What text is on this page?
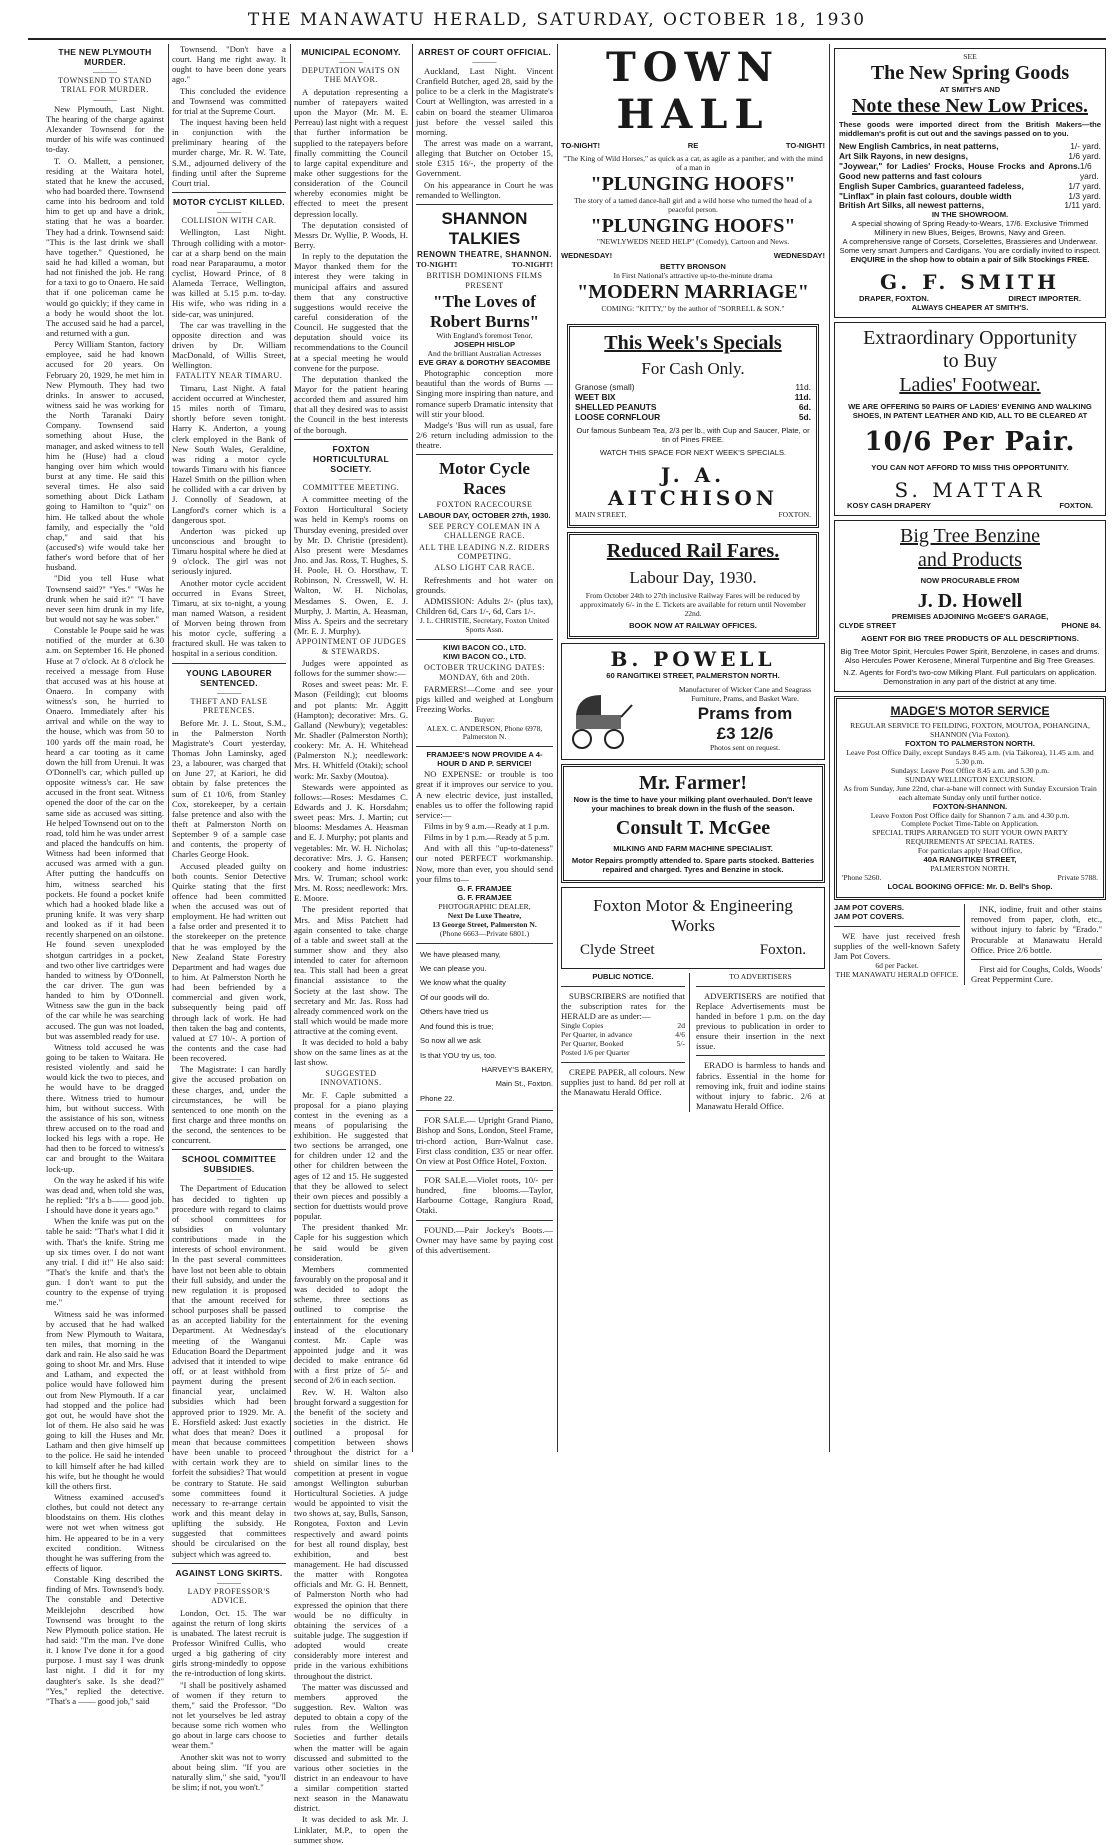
THE MANAWATU HERALD, SATURDAY, OCTOBER 18, 1930
THE NEW PLYMOUTH MURDER.
———
TOWNSEND TO STAND TRIAL FOR MURDER.
———

New Plymouth, Last Night. The hearing of the charge against Alexander Townsend for the murder of his wife was continued to-day.

T. O. Mallett, a pensioner, residing at the Waitara hotel, stated that he knew the accused, who had boarded there. Townsend came into his bedroom and told him to get up and have a drink, stating that he was a boarder. They had a drink. Townsend said: "This is the last drink we shall have together." Questioned, he said he had killed a woman, but had not finished the job. He rang for a taxi to go to Onaero. He said that if one policeman came he would go quickly; if they came in a body he would shoot the lot. The accused said he had a parcel, and returned with a gun.

Percy William Stanton, factory employee, said he had known accused for 20 years. On February 20, 1929, he met him in New Plymouth. They had two drinks. In answer to accused, witness said he was working for the North Taranaki Dairy Company. Townsend said something about Huse, the manager, and asked witness to tell him he (Huse) had a cloud hanging over him which would burst at any time. He said this several times. He also said something about Dick Latham going to Hamilton to "quiz" on him. He talked about the whole family, and especially the "old chap," and said that his (accused's) wife would take her father's word before that of her husband.

"Did you tell Huse what Townsend said?" "Yes." "Was he drunk when he said it?" "I have never seen him drunk in my life, but would not say he was sober."

Constable le Poupe said he was notified of the murder at 6.30 a.m. on September 16. He phoned Huse at 7 o'clock. At 8 o'clock he received a message from Huse that accused was at his house at Onaero. In company with witness's son, he hurried to Onaero. Immediately after his arrival and while on the way to the house, which was from 50 to 100 yards off the main road, he heard a car tooting as it came down the hill from Urenui. It was O'Donnell's car, which pulled up opposite witness's car. He saw accused in the front seat. Witness opened the door of the car on the same side as accused was sitting. He helped Townsend out on to the road, told him he was under arrest and placed the handcuffs on him. Witness had been informed that accused was armed with a gun. After putting the handcuffs on him, witness searched his pockets. He found a pocket knife which had a hooked blade like a pruning knife. It was very sharp and looked as if it had been recently sharpened on an oilstone. He found seven unexploded shotgun cartridges in a pocket, and two other live cartridges were handed to witness by O'Donnell, the car driver. The gun was handed to him by O'Donnell. Witness saw the gun in the back of the car while he was searching accused. The gun was not loaded, but was assembled ready for use.

Witness told accused he was going to be taken to Waitara. He resisted violently and said he would kick the two to pieces, and he would have to be dragged there. Witness tried to humour him, but without success. With the assistance of his son, witness threw accused on to the road and locked his legs with a rope. He had then to be forced to witness's car and brought to the Waitara lock-up.

On the way he asked if his wife was dead and, when told she was, he replied: "It's a b—— good job. I should have done it years ago."

When the knife was put on the table he said: "That's what I did it with. That's the knife. String me up six times over. I do not want any trial. I did it!" He also said: "That's the knife and that's the gun. I don't want to put the country to the expense of trying me."

Witness said he was informed by accused that he had walked from New Plymouth to Waitara, ten miles, that morning in the dark and rain. He also said he was going to shoot Mr. and Mrs. Huse and Latham, and expected the police would have followed him out from New Plymouth. If a car had stopped and the police had got out, he would have shot the lot of them. He also said he was going to kill the Huses and Mr. Latham and then give himself up to the police. He said he intended to kill himself after he had killed his wife, but he thought he would kill the others first.

Witness examined accused's clothes, but could not detect any bloodstains on them. His clothes were not wet when witness got him. He appeared to be in a very excited condition. Witness thought he was suffering from the effects of liquor.

Constable King described the finding of Mrs. Townsend's body. The constable and Detective Meiklejohn described how Townsend was brought to the New Plymouth police station. He had said: "I'm the man. I've done it. I know I've done it for a good purpose. I must say I was drunk last night. I did it for my daughter's sake. Is she dead?" "Yes," replied the detective. "That's a —— good job," said

Townsend. "Don't have a court. Hang me right away. It ought to have been done years ago."

This concluded the evidence and Townsend was committed for trial at the Supreme Court.

The inquest having been held in conjunction with the preliminary hearing of the murder charge, Mr. R. W. Tate, S.M., adjourned delivery of the finding until after the Supreme Court trial.

MOTOR CYCLIST KILLED.
———
COLLISION WITH CAR.

Wellington, Last Night. Through colliding with a motor-car at a sharp bend on the main road near Paraparaumu, a motor cyclist, Howard Prince, of 8 Alameda Terrace, Wellington, was killed at 5.15 p.m. to-day. His wife, who was riding in a side-car, was uninjured.

The car was travelling in the opposite direction and was driven by Dr. William MacDonald, of Willis Street, Wellington.

FATALITY NEAR TIMARU.

Timaru, Last Night. A fatal accident occurred at Winchester, 15 miles north of Timaru, shortly before seven tonight. Harry K. Anderton, a young clerk employed in the Bank of New South Wales, Geraldine, was riding a motor cycle towards Timaru with his fiancee Hazel Smith on the pillion when he collided with a car driven by J. Connolly of Seadown, at Langford's corner which is a dangerous spot.

Anderton was picked up unconscious and brought to Timaru hospital where he died at 9 o'clock. The girl was not seriously injured.

Another motor cycle accident occurred in Evans Street, Timaru, at six to-night, a young man named Watson, a resident of Morven being thrown from his motor cycle, suffering a fractured skull. He was taken to hospital in a serious condition.

YOUNG LABOURER SENTENCED.
———
THEFT AND FALSE PRETENCES.

Before Mr. J. L. Stout, S.M., in the Palmerston North Magistrate's Court yesterday, Thomas John Laminsky, aged 23, a labourer, was charged that on June 27, at Kariori, he did obtain by false pretences the sum of £1 10/6, from Stanley Cox, storekeeper, by a certain false pretence and also with the theft at Palmerston North on September 9 of a sample case and contents, the property of Charles George Hook.

Accused pleaded guilty on both counts. Senior Detective Quirke stating that the first offence had been committed when the accused was out of employment. He had written out a false order and presented it to the storekeeper on the pretence that he was employed by the New Zealand State Forestry Department and had wages due to him. At Palmerston North he had been befriended by a commercial and given work, subsequently being paid off through lack of work. He had then taken the bag and contents, valued at £7 10/-. A portion of the contents and the case had been recovered.

The Magistrate: I can hardly give the accused probation on these charges, and, under the circumstances, he will be sentenced to one month on the first charge and three months on the second, the sentences to be concurrent.

SCHOOL COMMITTEE SUBSIDIES.
———

The Department of Education has decided to tighten up procedure with regard to claims of school committees for subsidies on voluntary contributions made in the interests of school environment. In the past several committees have lost not been able to obtain their full subsidy, and under the new regulation it is proposed that the amount received for school purposes shall be passed as an accepted liability for the Department. At Wednesday's meeting of the Wanganui Education Board the Department advised that it intended to wipe off, or at least withhold from payment during the present financial year, unclaimed subsidies which had been approved prior to 1929. Mr. A. E. Horsfield asked: Just exactly what does that mean? Does it mean that because committees have been unable to proceed with certain work they are to forfeit the subsidies? That would be contrary to Statute. He said some committees found it necessary to re-arrange certain work and this meant delay in uplifting the subsidy. He suggested that committees should be circularised on the subject which was agreed to.

AGAINST LONG SKIRTS.
———
LADY PROFESSOR'S ADVICE.

London, Oct. 15. The war against the return of long skirts is unabated. The latest recruit is Professor Winifred Cullis, who urged a big gathering of city girls strong-mindedly to oppose the re-introduction of long skirts.

"I shall be positively ashamed of women if they return to them," said the Professor. "Do not let yourselves be led astray because some rich women who go about in large cars choose to wear them."

Another skit was not to worry about being slim. "If you are naturally slim," she said, "you'll be slim; if not, you won't."

MUNICIPAL ECONOMY.
———
DEPUTATION WAITS ON THE MAYOR.

A deputation representing a number of ratepayers waited upon the Mayor (Mr. M. E. Perreau) last night with a request that further information be supplied to the ratepayers before finally committing the Council to large capital expenditure and make other suggestions for the consideration of the Council whereby economies might be effected to meet the present depression locally.

The deputation consisted of Messrs Dr. Wyllie, P. Woods, H. Berry.

In reply to the deputation the Mayor thanked them for the interest they were taking in municipal affairs and assured them that any constructive suggestions would receive the careful consideration of the Council. He suggested that the deputation should voice its recommendations to the Council at a special meeting he would convene for the purpose.

The deputation thanked the Mayor for the patient hearing accorded them and assured him that all they desired was to assist the Council in the best interests of the borough.

FOXTON HORTICULTURAL SOCIETY.
———
COMMITTEE MEETING.

A committee meeting of the Foxton Horticultural Society was held in Kemp's rooms on Thursday evening, presided over by Mr. D. Christie (president). Also present were Mesdames Jno. and Jas. Ross, T. Hughes, S. H. Poole, H. O. Horsthaw, T. Robinson, N. Cresswell, W. H. Walton, W. H. Nicholas, Mesdames S. Owen, E. J. Murphy, J. Martin, A. Heasman, Miss A. Speirs and the secretary (Mr. E. J. Murphy).

APPOINTMENT OF JUDGES & STEWARDS.

Judges were appointed as follows for the summer show:—

Roses and sweet peas: Mr. F. Mason (Feilding); cut blooms and pot plants: Mr. Aggitt (Hampton); decorative: Mrs. G. Galland (Newbury); vegetables: Mr. Shadler (Palmerston North); cookery: Mr. A. H. Whitehead (Palmerston N.); needlework: Mrs. H. Whitfeld (Otaki); school work: Mr. Saxby (Moutoa).

Stewards were appointed as follows:—Roses: Mesdames C. Edwards and J. K. Horsdahm; sweet peas: Mrs. J. Martin; cut blooms: Mesdames A. Heasman and E. J. Murphy; pot plants and vegetables: Mr. W. H. Nicholas; decorative: Mrs. J. G. Hansen; cookery and home industries: Mrs. W. Truman; school work: Mrs. M. Ross; needlework: Mrs. E. Moore.

The president reported that Mrs. and Miss Patchett had again consented to take charge of a table and sweet stall at the summer show and they also intended to cater for afternoon tea. This stall had been a great financial assistance to the Society at the last show. The secretary and Mr. Jas. Ross had already commenced work on the stall which would be made more attractive at the coming event.

It was decided to hold a baby show on the same lines as at the last show.

SUGGESTED INNOVATIONS.

Mr. F. Caple submitted a proposal for a piano playing contest in the evening as a means of popularising the exhibition. He suggested that two sections be arranged, one for children under 12 and the other for children between the ages of 12 and 15. He suggested that they be allowed to select their own pieces and possibly a section for duettists would prove popular.

The president thanked Mr. Caple for his suggestion which he said would be given consideration.

Members commented favourably on the proposal and it was decided to adopt the scheme, three sections as outlined to comprise the entertainment for the evening instead of the elocutionary contest. Mr. Caple was appointed judge and it was decided to make entrance 6d with a first prize of 5/- and second of 2/6 in each section.

Rev. W. H. Walton also brought forward a suggestion for the benefit of the society and societies in the district. He outlined a proposal for competition between shows throughout the district for a shield on similar lines to the competition at present in vogue amongst Wellington suburban Horticultural Societies. A judge would be appointed to visit the two shows at, say, Bulls, Sanson, Rongotea, Foxton and Levin respectively and award points for best all round display, best exhibition, and best management. He had discussed the matter with Rongotea officials and Mr. G. H. Bennett, of Palmerston North who had expressed the opinion that there would be no difficulty in obtaining the services of a suitable judge. The suggestion if adopted would create considerably more interest and pride in the various exhibitions throughout the district.

The matter was discussed and members approved the suggestion. Rev. Walton was deputed to obtain a copy of the rules from the Wellington Societies and further details when the matter will be again discussed and submitted to the various other societies in the district in an endeavour to have a similar competition started next season in the Manawatu district.

It was decided to ask Mr. J. Linklater, M.P., to open the summer show.

ARREST OF COURT OFFICIAL.
———

Auckland, Last Night. Vincent Cranfield Butcher, aged 28, said by the police to be a clerk in the Magistrate's Court at Wellington, was arrested in a cabin on board the steamer Ulimaroa just before the vessel sailed this morning.

The arrest was made on a warrant, alleging that Butcher on October 15, stole £315 16/-, the property of the Government.

On his appearance in Court he was remanded to Wellington.

SHANNON TALKIES
RENOWN THEATRE, SHANNON.
TO-NIGHT!	TO-NIGHT!
BRITISH DOMINIONS FILMS PRESENT
"The Loves of Robert Burns"
With England's foremost Tenor,
JOSEPH HISLOP
And the brilliant Australian Actresses
EVE GRAY & DOROTHY SEACOMBE

Photographic conception more beautiful than the words of Burns —Singing more inspiring than nature, and romance superb Dramatic intensity that will stir your blood.

Madge's 'Bus will run as usual, fare 2/6 return including admission to the theatre.

Motor Cycle Races
FOXTON RACECOURSE
LABOUR DAY, OCTOBER 27th, 1930.
SEE PERCY COLEMAN IN A CHALLENGE RACE.
ALL THE LEADING N.Z. RIDERS COMPETING.
ALSO LIGHT CAR RACE.

Refreshments and hot water on grounds.

ADMISSION: Adults 2/- (plus tax), Children 6d, Cars 1/-, 6d, Cars 1/-.

J. L. CHRISTIE, Secretary, Foxton United Sports Assn.
KIWI BACON CO., LTD.
KIWI BACON CO., LTD.
OCTOBER TRUCKING DATES: MONDAY, 6th and 20th.

FARMERS!—Come and see your pigs killed and weighed at Longburn Freezing Works.

Buyer:
ALEX. C. ANDERSON, Phone 6978, Palmerston N.
FRAMJEE'S NOW PROVIDE A 4-HOUR D AND P. SERVICE!

NO EXPENSE: or trouble is too great if it improves our service to you. A new electric device, just installed, enables us to offer the following rapid service:—

Films in by 9 a.m.—Ready at 1 p.m.

Films in by 1 p.m.—Ready at 5 p.m.

And with all this "up-to-dateness" our noted PERFECT workmanship. Now, more than ever, you should send your films to—

G. F. FRAMJEE
G. F. FRAMJEE
PHOTOGRAPHIC DEALER,
Next De Luxe Theatre,
13 George Street, Palmerston N.
(Phone 6663—Private 6801.)
We have pleased many,
We can please you.
We know what the quality
Of our goods will do.
Others have tried us
And found this is true;
So now all we ask
Is that YOU try us, too.
HARVEY'S BAKERY,
Main St., Foxton.
Phone 22.

FOR SALE.— Upright Grand Piano, Bishop and Sons, London, Steel Frame, tri-chord action, Burr-Walnut case. First class condition, £35 or near offer. On view at Post Office Hotel, Foxton.

FOR SALE.—Violet roots, 10/- per hundred, fine blooms.—Taylor, Harbourne Cottage, Rangiura Road, Otaki.

FOUND.—Pair Jockey's Boots.— Owner may have same by paying cost of this advertisement.

TOWN HALL
TO-NIGHT!	RE	TO-NIGHT!
"The King of Wild Horses," as quick as a cat, as agile as a panther, and with the mind of a man in
"PLUNGING HOOFS"
The story of a tamed dance-hall girl and a wild horse who turned the head of a peaceful person.
"PLUNGING HOOFS"
"NEWLYWEDS NEED HELP" (Comedy), Cartoon and News.
WEDNESDAY!	WEDNESDAY!
BETTY BRONSON
In First National's attractive up-to-the-minute drama
"MODERN MARRIAGE"
COMING: "KITTY," by the author of "SORRELL & SON."
This Week's Specials
For Cash Only.
Granose (small)	11d.
WEET BIX	11d.
SHELLED PEANUTS	6d.
LOOSE CORNFLOUR	5d.
Our famous Sunbeam Tea, 2/3 per lb., with Cup and Saucer, Plate, or tin of Pines FREE.
WATCH THIS SPACE FOR NEXT WEEK'S SPECIALS.
J. A. AITCHISON
MAIN STREET,	FOXTON.
Reduced Rail Fares.
Labour Day, 1930.
From October 24th to 27th inclusive Railway Fares will be reduced by approximately 6/- in the £. Tickets are available for return until November 22nd.
BOOK NOW AT RAILWAY OFFICES.
B. POWELL
60 RANGITIKEI STREET, PALMERSTON NORTH.
Manufacturer of Wicker Cane and Seagrass Furniture, Prams, and Basket Ware.
Prams from
£3 12/6
Photos sent on request.
Mr. Farmer!
Now is the time to have your milking plant overhauled. Don't leave your machines to break down in the flush of the season.
Consult T. McGee
MILKING AND FARM MACHINE SPECIALIST.
Motor Repairs promptly attended to. Spare parts stocked. Batteries repaired and charged. Tyres and Benzine in stock.
Foxton Motor & Engineering Works
Clyde Street	Foxton.
PUBLIC NOTICE.

SUBSCRIBERS are notified that the subscription rates for the HERALD are as under:—

Single Copies	2d
Per Quarter, in advance	4/6
Per Quarter, Booked	5/-
Posted 1/6 per Quarter

CREPE PAPER, all colours. New supplies just to hand. 8d per roll at the Manawatu Herald Office.

TO ADVERTISERS

ADVERTISERS are notified that Replace Advertisements must be handed in before 1 p.m. on the day previous to publication in order to ensure their insertion in the next issue.

ERADO is harmless to hands and fabrics. Essential in the home for removing ink, fruit and iodine stains without injury to fabric. 2/6 at Manawatu Herald Office.

SEE
The New Spring Goods
AT SMITH'S AND
Note these New Low Prices.
These goods were imported direct from the British Makers—the middleman's profit is cut out and the savings passed on to you.
New English Cambrics, in neat patterns,	1/- yard.
Art Silk Rayons, in new designs,	1/6 yard.
"Joywear," for Ladies' Frocks, House Frocks and Aprons. Good new patterns and fast colours
1/6 yard.
English Super Cambrics, guaranteed fadeless,	1/7 yard.
"Linflax" in plain fast colours, double width	1/3 yard.
British Art Silks, all newest patterns,	1/11 yard.
IN THE SHOWROOM.
A special showing of Spring Ready-to-Wears, 17/6. Exclusive Trimmed Millinery in new Blues, Beiges, Browns, Navy and Green.
A comprehensive range of Corsets, Corselettes, Brassieres and Underwear.
Some very smart Jumpers and Cardigans. You are cordially invited to inspect.
ENQUIRE in the shop how to obtain a pair of Silk Stockings FREE.
G. F. SMITH
DRAPER, FOXTON.	DIRECT IMPORTER.
ALWAYS CHEAPER AT SMITH'S.
Extraordinary Opportunity
to Buy
Ladies' Footwear.
WE ARE OFFERING 50 PAIRS OF LADIES' EVENING AND WALKING SHOES, IN PATENT LEATHER AND KID, ALL TO BE CLEARED AT
10/6 Per Pair.
YOU CAN NOT AFFORD TO MISS THIS OPPORTUNITY.
S. MATTAR
KOSY CASH DRAPERY	FOXTON.
Big Tree Benzine
and Products
NOW PROCURABLE FROM
J. D. Howell
PREMISES ADJOINING McGEE'S GARAGE,
CLYDE STREET	PHONE 84.
AGENT FOR BIG TREE PRODUCTS OF ALL DESCRIPTIONS.
Big Tree Motor Spirit, Hercules Power Spirit, Benzolene, in cases and drums. Also Hercules Power Kerosene, Mineral Turpentine and Big Tree Greases.
N.Z. Agents for Ford's two-cow Milking Plant. Full particulars on application. Demonstration in any part of the district at any time.
MADGE'S MOTOR SERVICE
REGULAR SERVICE TO FEILDING, FOXTON, MOUTOA, POHANGINA, SHANNON (Via Foxton).
FOXTON TO PALMERSTON NORTH.
Leave Post Office Daily, except Sundays 8.45 a.m. (via Taikorea), 11.45 a.m. and 5.30 p.m.
Sundays: Leave Post Office 8.45 a.m. and 5.30 p.m.
SUNDAY WELLINGTON EXCURSION.
As from Sunday, June 22nd, char-a-bane will connect with Sunday Excursion Train each alternate Sunday only until further notice.
FOXTON-SHANNON.
Leave Foxton Post Office daily for Shannon 7 a.m. and 4.30 p.m.
Complete Pocket Time-Table on Application.
SPECIAL TRIPS ARRANGED TO SUIT YOUR OWN PARTY REQUIREMENTS AT SPECIAL RATES.
For particulars apply Head Office,
40A RANGITIKEI STREET,
PALMERSTON NORTH.
'Phone 5260.	Private 5788.
LOCAL BOOKING OFFICE: Mr. D. Bell's Shop.
JAM POT COVERS.
JAM POT COVERS.

WE have just received fresh supplies of the well-known Safety Jam Pot Covers.

6d per Packet.
THE MANAWATU HERALD OFFICE.

INK, iodine, fruit and other stains removed from paper, cloth, etc., without injury to fabric by "Erado." Procurable at Manawatu Herald Office. Price 2/6 bottle.

First aid for Coughs, Colds, Woods' Great Peppermint Cure.
